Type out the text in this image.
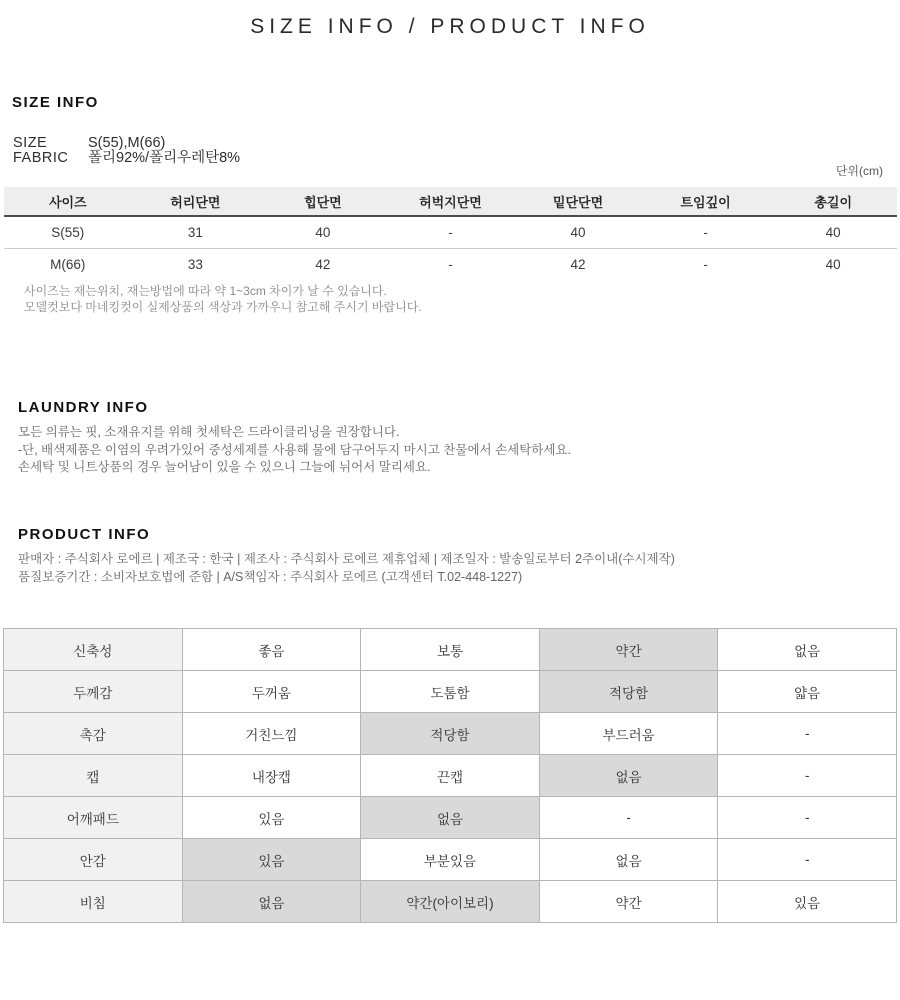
SIZE INFO / PRODUCT INFO
SIZE INFO
SIZE	S(55),M(66)
FABRIC 폴리92%/폴리우레탄8%
단위(cm)
사이즈	허리단면	힙단면	허벅지단면	밑단단면	트임깊이	총길이
S(55)	31	40	-	40	-	40
M(66)	33	42	-	42	-	40
사이즈는 재는위치, 재는방법에 따라 약 1~3cm 차이가 날 수 있습니다.
모델컷보다 마네킹컷이 실제상품의 색상과 가까우니 참고해 주시기 바랍니다.
LAUNDRY INFO
모든 의류는 핏, 소재유지를 위해 첫세탁은 드라이클리닝을 권장합니다.
-단, 배색제품은 이염의 우려가있어 중성세제를 사용해 물에 담구어두지 마시고 찬물에서 손세탁하세요.
손세탁 및 니트상품의 경우 늘어남이 있을 수 있으니 그늘에 뉘어서 말리세요.
PRODUCT INFO
판매자 : 주식회사 로에르 | 제조국 : 한국 | 제조사 : 주식회사 로에르 제휴업체 | 제조일자 : 발송일로부터 2주이내(수시제작)
품질보증기간 : 소비자보호법에 준함 | A/S책임자 : 주식회사 로에르 (고객센터 T.02-448-1227)
신축성	좋음	보통	약간	없음
두께감	두꺼움	도톰함	적당함	얇음
촉감	거친느낌	적당함	부드러움	-
캡	내장캡	끈캡	없음	-
어깨패드	있음	없음	-	-
안감	있음	부분있음	없음	-
비침	없음	약간(아이보리)	약간	있음
